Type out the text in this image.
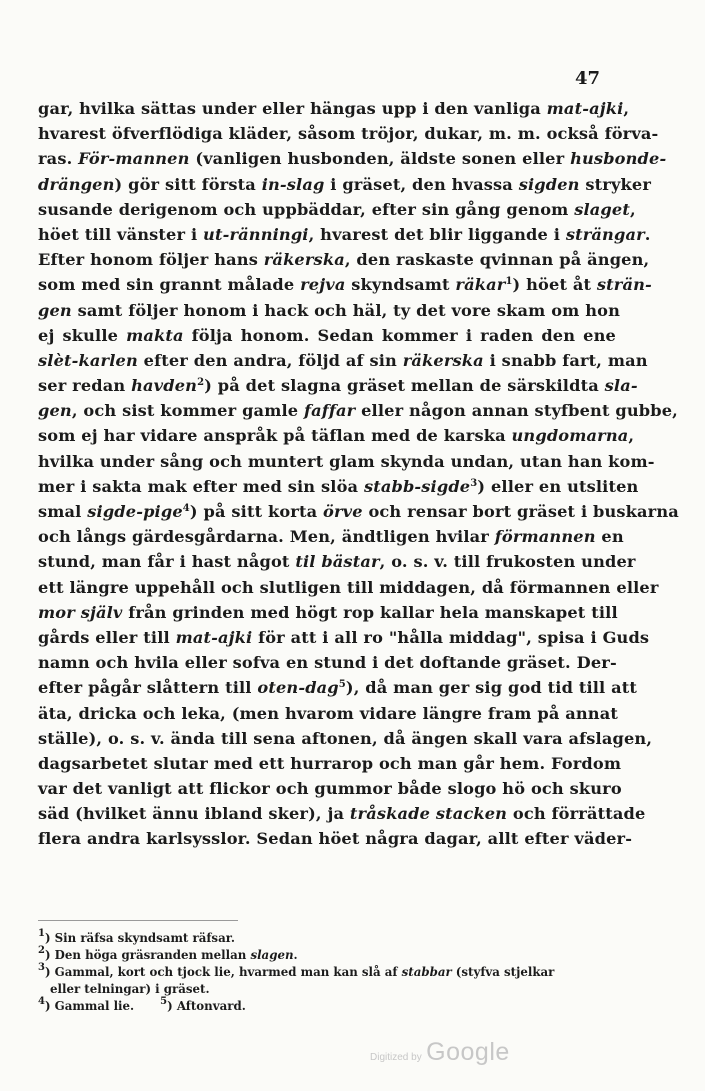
47
gar, hvilka sättas under eller hängas upp i den vanliga mat-ajki,
hvarest öfverflödiga kläder, såsom tröjor, dukar, m. m. också förva-
ras. För-mannen (vanligen husbonden, äldste sonen eller husbonde-
drängen) gör sitt första in-slag i gräset, den hvassa sigden stryker
susande derigenom och uppbäddar, efter sin gång genom slaget,
höet till vänster i ut-ränningi, hvarest det blir liggande i strängar.
Efter honom följer hans räkerska, den raskaste qvinnan på ängen,
som med sin grannt målade rejva skyndsamt räkar$^1$) höet åt strän-
gen samt följer honom i hack och häl, ty det vore skam om hon
ej skulle makta följa honom. Sedan kommer i raden den ene
slèt-karlen efter den andra, följd af sin räkerska i snabb fart, man
ser redan havden$^2$) på det slagna gräset mellan de särskildta sla-
gen, och sist kommer gamle faffar eller någon annan styfbent gubbe,
som ej har vidare anspråk på täflan med de karska ungdomarna,
hvilka under sång och muntert glam skynda undan, utan han kom-
mer i sakta mak efter med sin slöa stabb-sigde$^3$) eller en utsliten
smal sigde-pige$^4$) på sitt korta örve och rensar bort gräset i buskarna
och långs gärdesgårdarna. Men, ändtligen hvilar förmannen en
stund, man får i hast något til bästar, o. s. v. till frukosten under
ett längre uppehåll och slutligen till middagen, då förmannen eller
mor själv från grinden med högt rop kallar hela manskapet till
gårds eller till mat-ajki för att i all ro "hålla middag", spisa i Guds
namn och hvila eller sofva en stund i det doftande gräset. Der-
efter pågår slåttern till oten-dag$^5$), då man ger sig god tid till att
äta, dricka och leka, (men hvarom vidare längre fram på annat
ställe), o. s. v. ända till sena aftonen, då ängen skall vara afslagen,
dagsarbetet slutar med ett hurrarop och man går hem. Fordom
var det vanligt att flickor och gummor både slogo hö och skuro
säd (hvilket ännu ibland sker), ja tråskade stacken och förrättade
flera andra karlsysslor. Sedan höet några dagar, allt efter väder-
$^1$) Sin räfsa skyndsamt räfsar.
$^2$) Den höga gräsranden mellan slagen.
$^3$) Gammal, kort och tjock lie, hvarmed man kan slå af stabbar (styfva stjelkar
eller telningar) i gräset.
$^4$) Gammal lie.	$^5$) Aftonvard.
Digitized by Google
